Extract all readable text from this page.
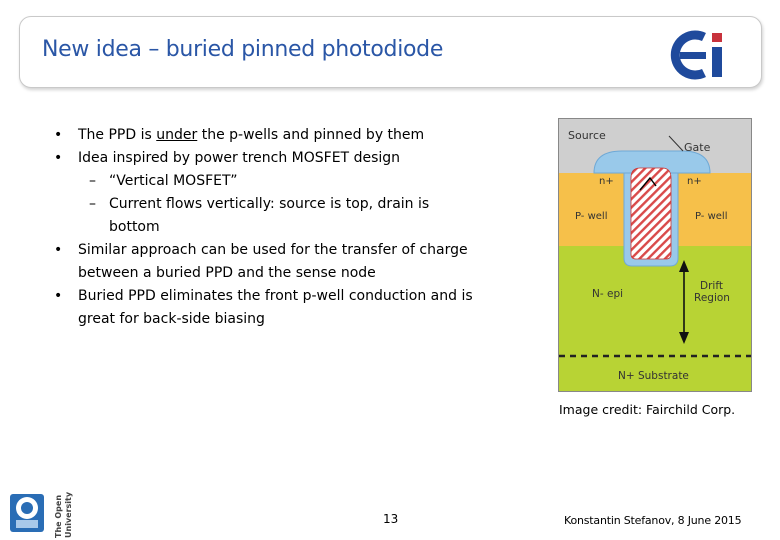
New idea – buried pinned photodiode
• The PPD is under the p-wells and pinned by them
• Idea inspired by power trench MOSFET design
– “Vertical MOSFET”
– Current flows vertically: source is top, drain is
bottom
• Similar approach can be used for the transfer of charge
between a buried PPD and the sense node
• Buried PPD eliminates the front p-well conduction and is
great for back-side biasing
Source
Gate
n+	n+
P- well	P- well
Drift
Region
N- epi
N+ Substrate
Image credit: Fairchild Corp.
The Open University	13	Konstantin Stefanov, 8 June 2015
